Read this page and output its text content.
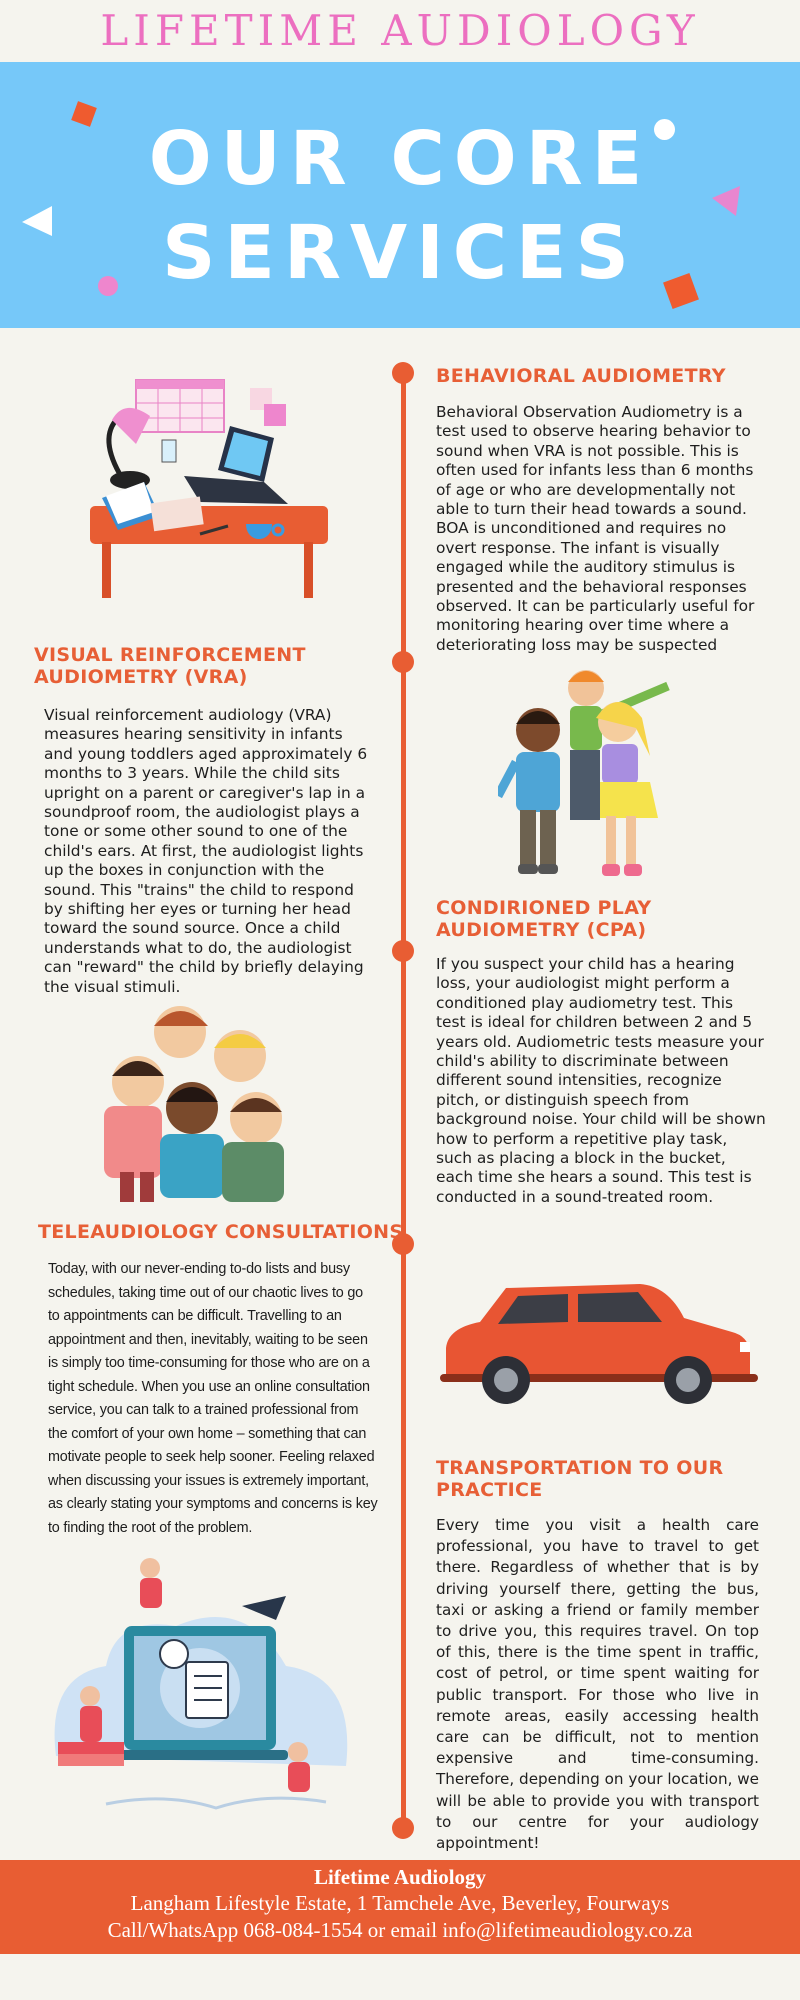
LIFETIME AUDIOLOGY
OUR CORE
SERVICES
BEHAVIORAL AUDIOMETRY
Behavioral Observation Audiometry is a test used to observe hearing behavior to sound when VRA is not possible. This is often used for infants less than 6 months of age or who are developmentally not able to turn their head towards a sound. BOA is unconditioned and requires no overt response. The infant is visually engaged while the auditory stimulus is presented and the behavioral responses observed. It can be particularly useful for monitoring hearing over time where a deteriorating loss may be suspected
VISUAL REINFORCEMENT
AUDIOMETRY (VRA)
Visual reinforcement audiology (VRA) measures hearing sensitivity in infants and young toddlers aged approximately 6 months to 3 years. While the child sits upright on a parent or caregiver's lap in a soundproof room, the audiologist plays a tone or some other sound to one of the child's ears. At first, the audiologist lights up the boxes in conjunction with the sound. This "trains" the child to respond by shifting her eyes or turning her head toward the sound source. Once a child understands what to do, the audiologist can "reward" the child by briefly delaying the visual stimuli.
CONDIRIONED PLAY
AUDIOMETRY (CPA)
If you suspect your child has a hearing loss, your audiologist might perform a conditioned play audiometry test. This test is ideal for children between 2 and 5 years old. Audiometric tests measure your child's ability to discriminate between different sound intensities, recognize pitch, or distinguish speech from background noise. Your child will be shown how to perform a repetitive play task, such as placing a block in the bucket, each time she hears a sound. This test is conducted in a sound-treated room.
TELEAUDIOLOGY CONSULTATIONS
Today, with our never-ending to-do lists and busy schedules, taking time out of our chaotic lives to go to appointments can be difficult. Travelling to an appointment and then, inevitably, waiting to be seen is simply too time-consuming for those who are on a tight schedule. When you use an online consultation service, you can talk to a trained professional from the comfort of your own home – something that can motivate people to seek help sooner. Feeling relaxed when discussing your issues is extremely important, as clearly stating your symptoms and concerns is key to finding the root of the problem.
TRANSPORTATION TO OUR
PRACTICE
Every time you visit a health care professional, you have to travel to get there. Regardless of whether that is by driving yourself there, getting the bus, taxi or asking a friend or family member to drive you, this requires travel. On top of this, there is the time spent in traffic, cost of petrol, or time spent waiting for public transport. For those who live in remote areas, easily accessing health care can be difficult, not to mention expensive and time-consuming. Therefore, depending on your location, we will be able to provide you with transport to our centre for your audiology appointment!
Lifetime Audiology
Langham Lifestyle Estate, 1 Tamchele Ave, Beverley, Fourways
Call/WhatsApp 068-084-1554 or email info@lifetimeaudiology.co.za
